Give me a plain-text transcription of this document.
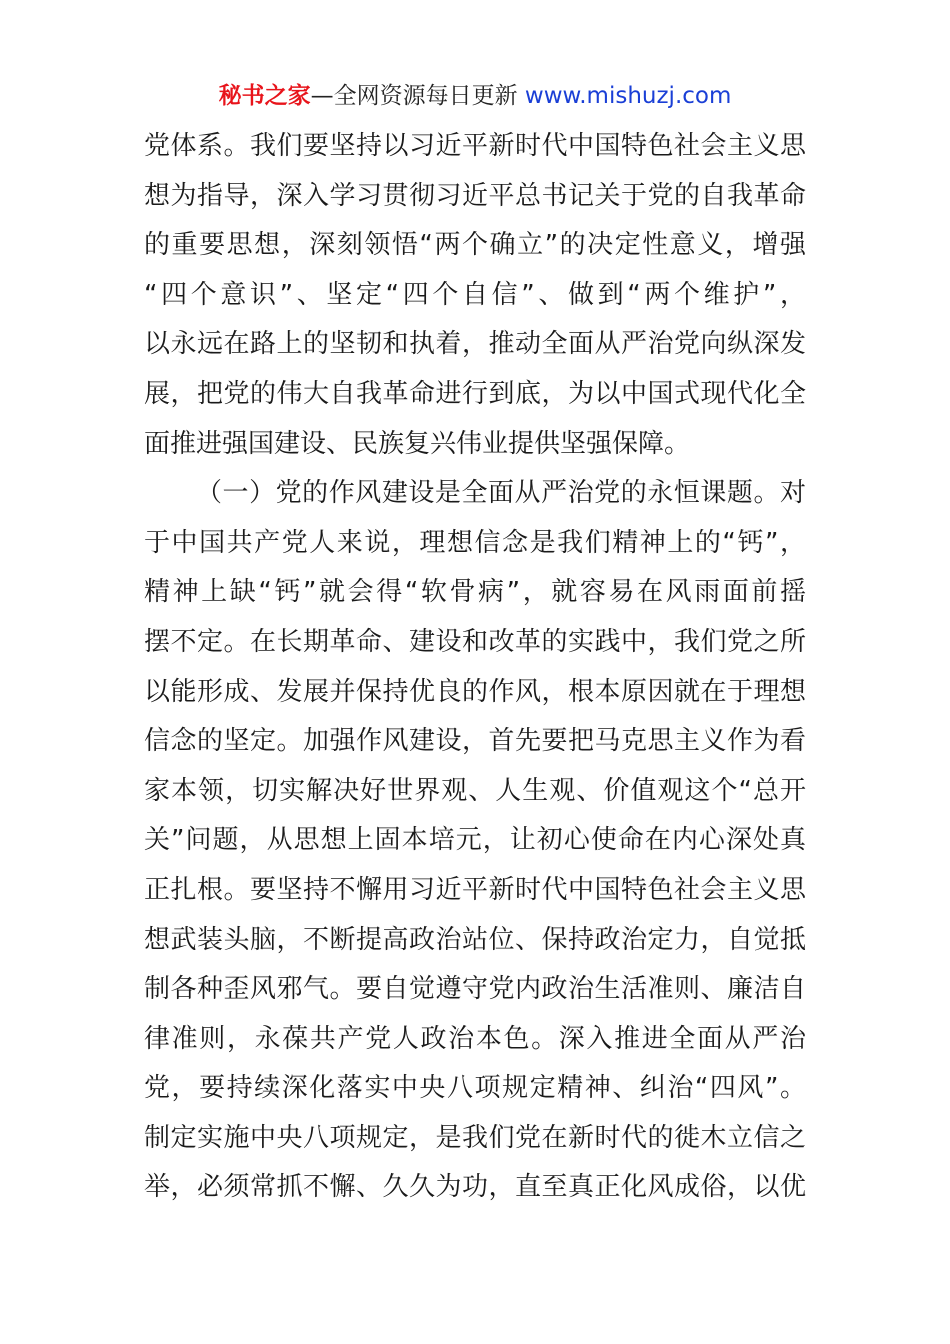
秘书之家—全网资源每日更新 www.mishuzj.com
党体系。我们要坚持以习近平新时代中国特色社会主义思
想为指导，深入学习贯彻习近平总书记关于党的自我革命
的重要思想，深刻领悟“两个确立”的决定性意义，增强
“四个意识”、坚定“四个自信”、做到“两个维护”，
以永远在路上的坚韧和执着，推动全面从严治党向纵深发
展，把党的伟大自我革命进行到底，为以中国式现代化全
面推进强国建设、民族复兴伟业提供坚强保障。
（一）党的作风建设是全面从严治党的永恒课题。对
于中国共产党人来说，理想信念是我们精神上的“钙”，
精神上缺“钙”就会得“软骨病”，就容易在风雨面前摇
摆不定。在长期革命、建设和改革的实践中，我们党之所
以能形成、发展并保持优良的作风，根本原因就在于理想
信念的坚定。加强作风建设，首先要把马克思主义作为看
家本领，切实解决好世界观、人生观、价值观这个“总开
关”问题，从思想上固本培元，让初心使命在内心深处真
正扎根。要坚持不懈用习近平新时代中国特色社会主义思
想武装头脑，不断提高政治站位、保持政治定力，自觉抵
制各种歪风邪气。要自觉遵守党内政治生活准则、廉洁自
律准则，永葆共产党人政治本色。深入推进全面从严治
党，要持续深化落实中央八项规定精神、纠治“四风”。
制定实施中央八项规定，是我们党在新时代的徙木立信之
举，必须常抓不懈、久久为功，直至真正化风成俗，以优
